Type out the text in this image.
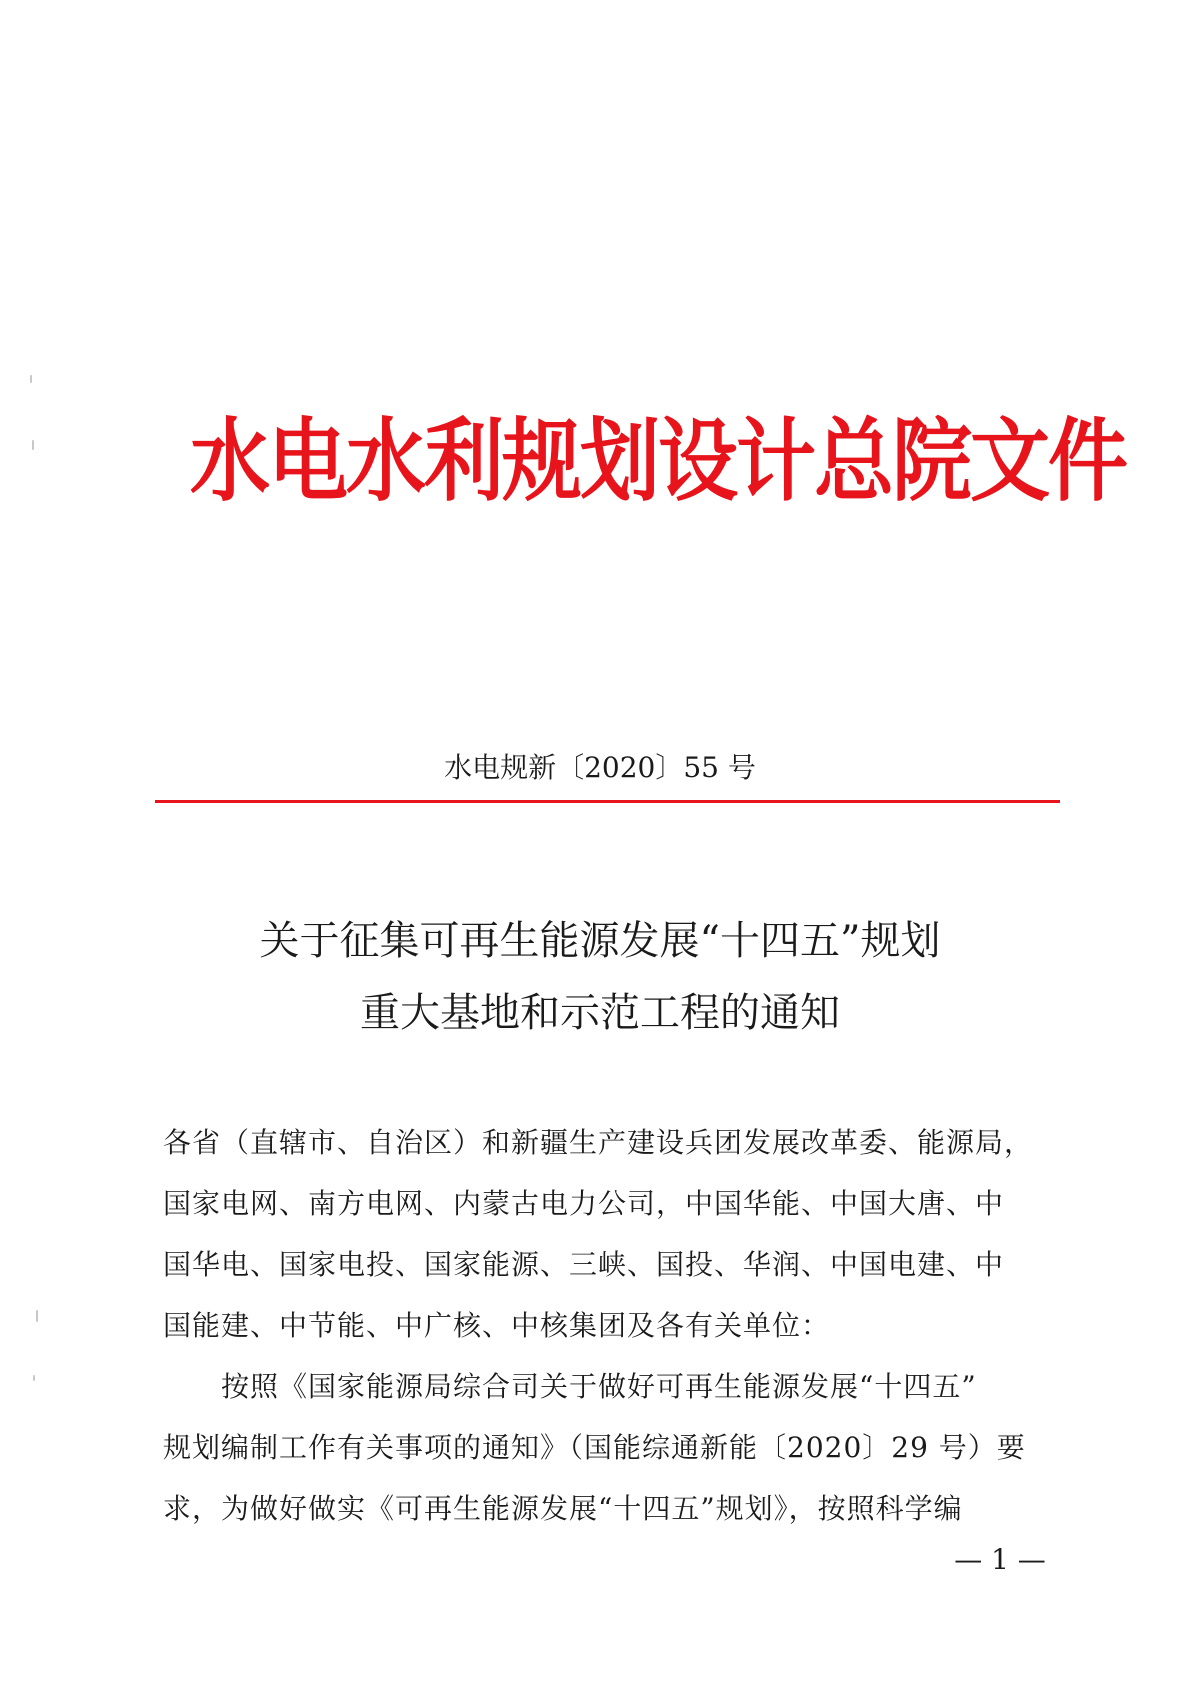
水电水利规划设计总院文件
水电规新〔2020〕55 号
关于征集可再生能源发展“十四五”规划
重大基地和示范工程的通知
各省（直辖市、自治区）和新疆生产建设兵团发展改革委、能源局，
国家电网、南方电网、内蒙古电力公司，中国华能、中国大唐、中
国华电、国家电投、国家能源、三峡、国投、华润、中国电建、中
国能建、中节能、中广核、中核集团及各有关单位：
按照《国家能源局综合司关于做好可再生能源发展“十四五”
规划编制工作有关事项的通知》（国能综通新能〔2020〕29 号）要
求，为做好做实《可再生能源发展“十四五”规划》，按照科学编
— 1 —
